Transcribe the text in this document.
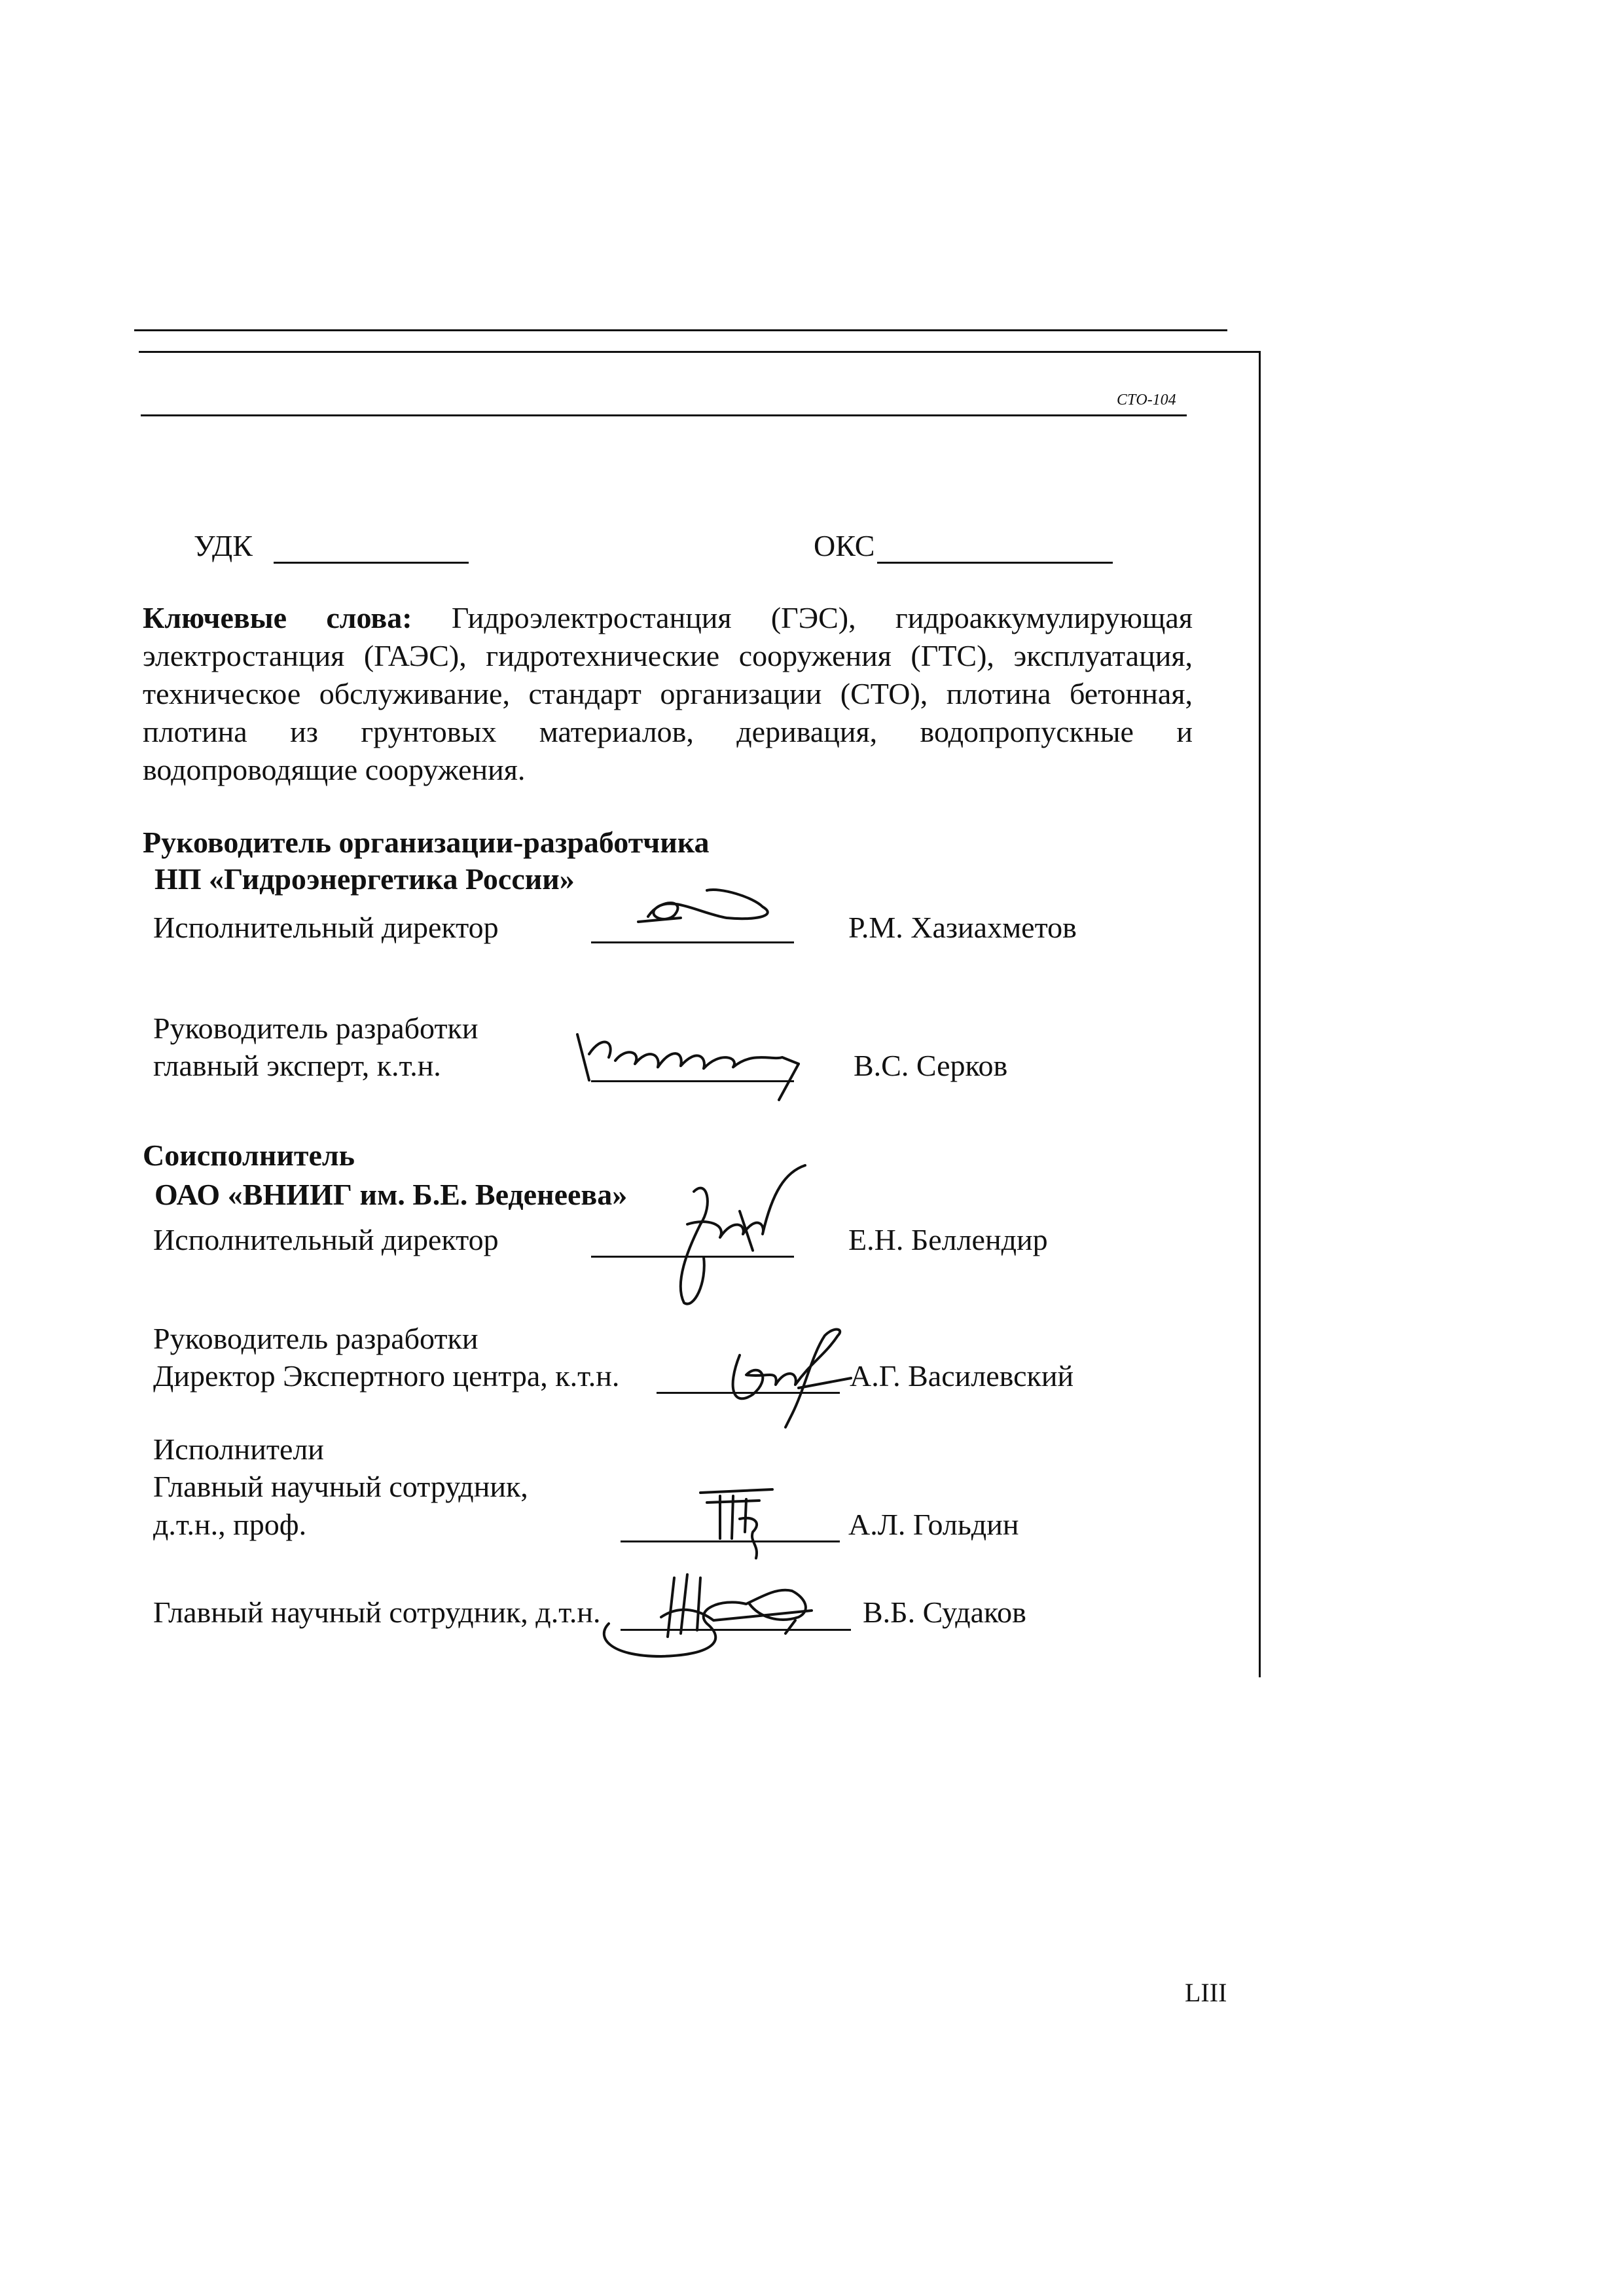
СТО-104
УДК	ОКС
Ключевые слова: Гидроэлектростанция (ГЭС), гидроаккумулирующая электростанция (ГАЭС), гидротехнические сооружения (ГТС), эксплуатация, техническое обслуживание, стандарт организации (СТО), плотина бетонная, плотина из грунтовых материалов, деривация, водопропускные и водопроводящие сооружения.
Руководитель организации-разработчика
НП «Гидроэнергетика России»
Исполнительный директор	Р.М. Хазиахметов
Руководитель разработки
главный эксперт, к.т.н.	В.С. Серков
Соисполнитель
ОАО «ВНИИГ им. Б.Е. Веденеева»
Исполнительный директор	Е.Н. Беллендир
Руководитель разработки
Директор Экспертного центра, к.т.н.	А.Г. Василевский
Исполнители
Главный научный сотрудник,
д.т.н., проф.	А.Л. Гольдин
Главный научный сотрудник, д.т.н.	В.Б. Судаков
LIII
